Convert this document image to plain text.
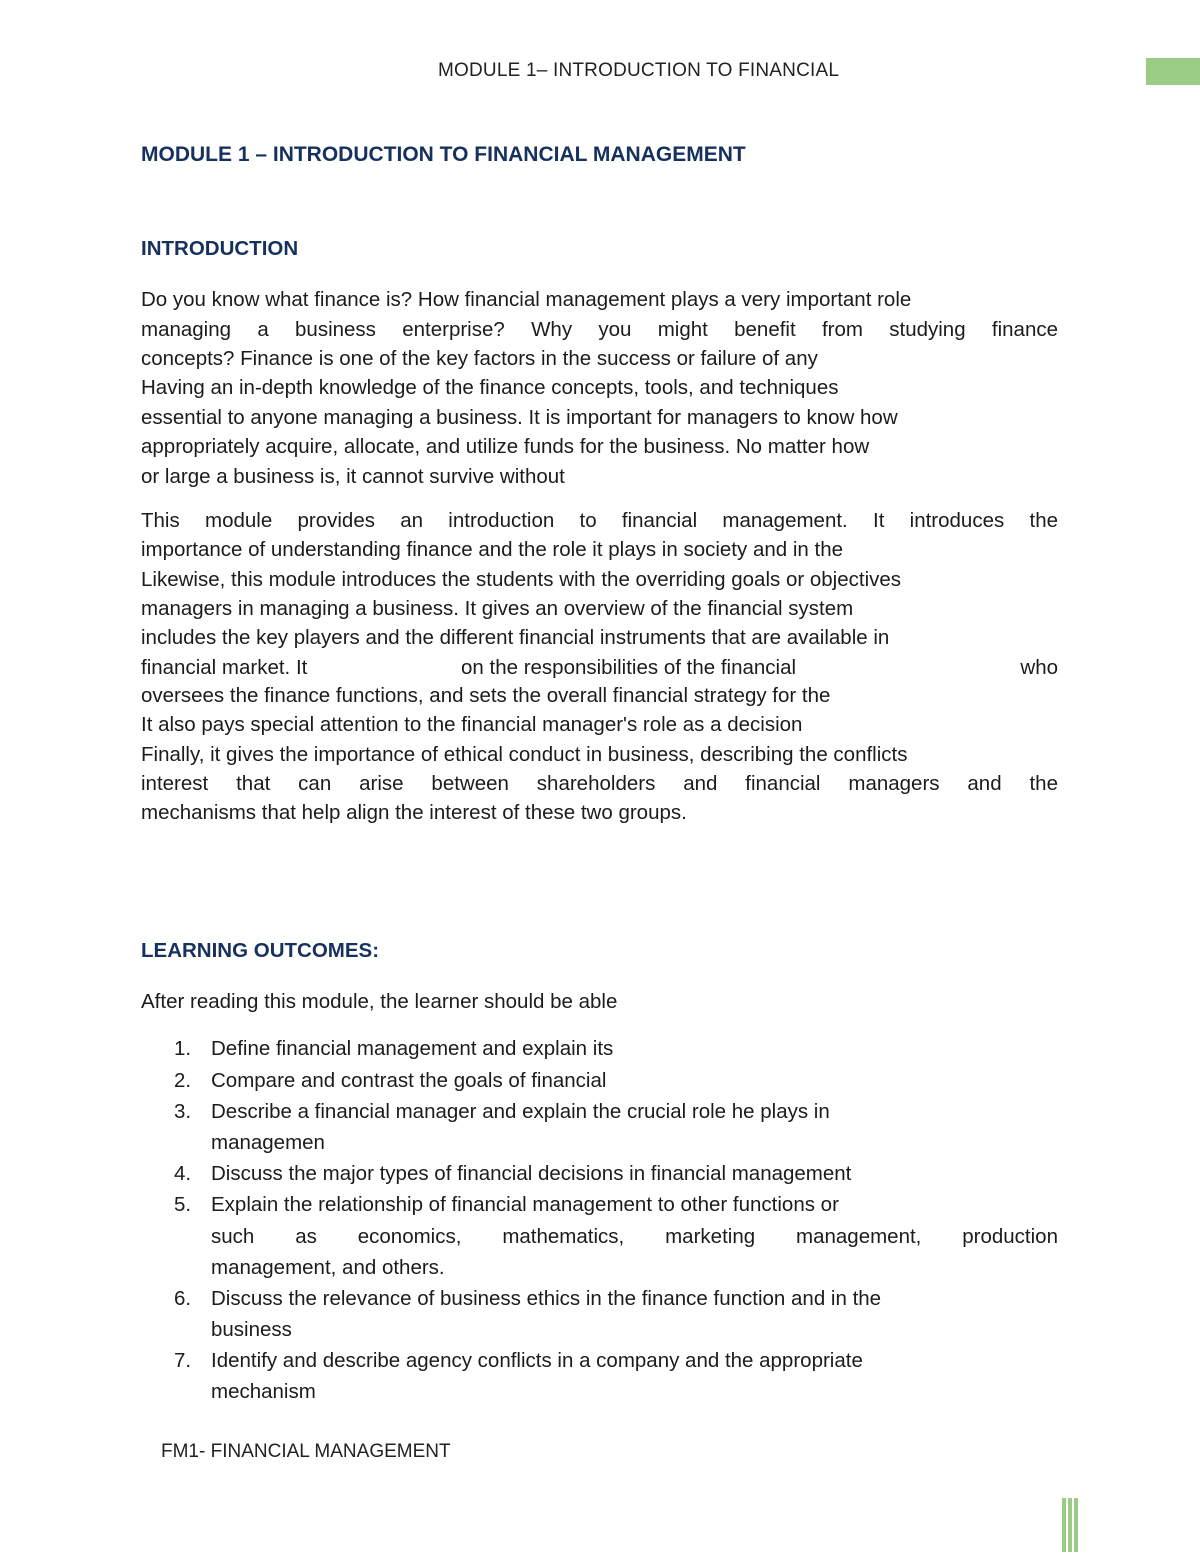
MODULE 1– INTRODUCTION TO FINANCIAL
MODULE 1 – INTRODUCTION TO FINANCIAL MANAGEMENT
INTRODUCTION
Do you know what finance is? How financial management plays a very important role
managing a business enterprise? Why you might benefit from studying finance
concepts? Finance is one of the key factors in the success or failure of any
Having an in-depth knowledge of the finance concepts, tools, and techniques
essential to anyone managing a business. It is important for managers to know how
appropriately acquire, allocate, and utilize funds for the business. No matter how
or large a business is, it cannot survive without
This module provides an introduction to financial management. It introduces the
importance of understanding finance and the role it plays in society and in the
Likewise, this module introduces the students with the overriding goals or objectives
managers in managing a business. It gives an overview of the financial system
includes the key players and the different financial instruments that are available in
financial market. It	on the responsibilities of the financial	who
oversees the finance functions, and sets the overall financial strategy for the
It also pays special attention to the financial manager's role as a decision
Finally, it gives the importance of ethical conduct in business, describing the conflicts
interest that can arise between shareholders and financial managers and the
mechanisms that help align the interest of these two groups.
LEARNING OUTCOMES:
After reading this module, the learner should be able
1. Define financial management and explain its
2. Compare and contrast the goals of financial
3. Describe a financial manager and explain the crucial role he plays in
managemen
4. Discuss the major types of financial decisions in financial management
5. Explain the relationship of financial management to other functions or
such as economics, mathematics, marketing management, production
management, and others.
6. Discuss the relevance of business ethics in the finance function and in the
business
7. Identify and describe agency conflicts in a company and the appropriate
mechanism
FM1- FINANCIAL MANAGEMENT
